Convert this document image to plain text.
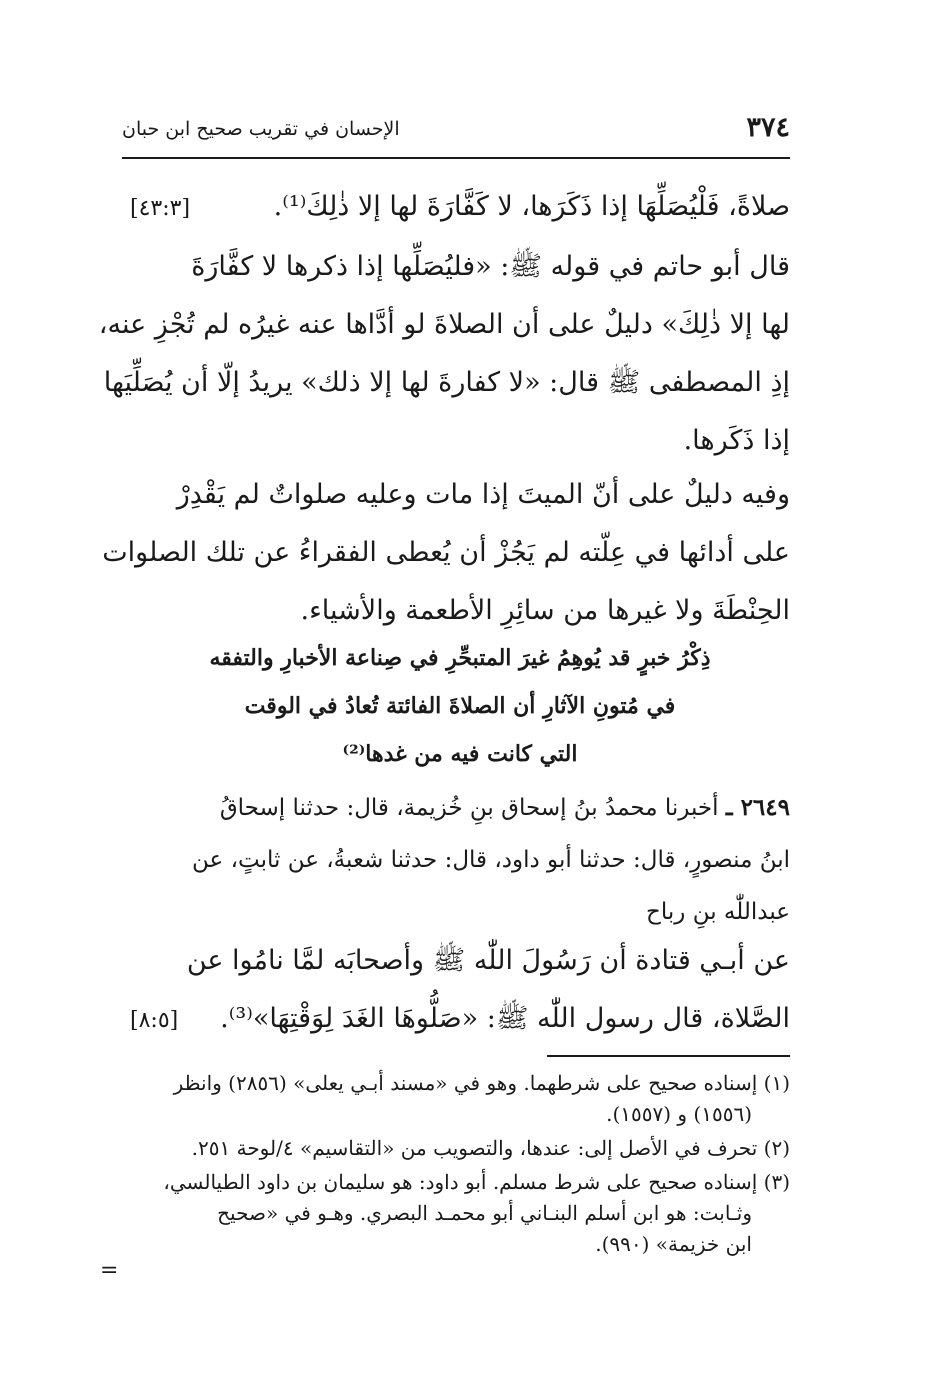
٣٧٤
الإحسان في تقريب صحيح ابن حبان
صلاةً، فَلْيُصَلِّهَا إذا ذَكَرَها، لا كَفَّارَةَ لها إلا ذٰلِكَ⁽¹⁾.
[٤٣:٣]
قال أبو حاتم في قوله ﷺ: «فليُصَلِّها إذا ذكرها لا كفَّارَةَ
لها إلا ذٰلِكَ» دليلٌ على أن الصلاةَ لو أدَّاها عنه غيرُه لم تُجْزِ عنه،
إذِ المصطفى ﷺ قال: «لا كفارةَ لها إلا ذلك» يريدُ إلّا أن يُصَلِّيَها
إذا ذَكَرها.
وفيه دليلٌ على أنّ الميتَ إذا مات وعليه صلواتٌ لم يَقْدِرْ
على أدائها في عِلّته لم يَجُزْ أن يُعطى الفقراءُ عن تلك الصلوات
الحِنْطَةَ ولا غيرها من سائِرِ الأطعمة والأشياء.
ذِكْرُ خبرٍ قد يُوهِمُ غيرَ المتبحِّرِ في صِناعة الأخبارِ والتفقه
في مُتونِ الآثارِ أن الصلاةَ الفائتة تُعادُ في الوقت
التي كانت فيه من غدها⁽²⁾
٢٦٤٩ ـ

أخبرنا محمدُ بنُ إسحاق بنِ خُزيمة، قال: حدثنا إسحاقُ
ابنُ منصورٍ، قال: حدثنا أبو داود، قال: حدثنا شعبةُ، عن ثابتٍ، عن
عبداللّٰه بنِ رباح
عن أبـي قتادة أن رَسُولَ اللّٰه ﷺ وأصحابَه لمَّا نامُوا عن
الصَّلاة، قال رسول اللّٰه ﷺ: «صَلُّوهَا الغَدَ لِوَقْتِهَا»⁽³⁾.
[٨:٥]
(١) إسناده صحيح على شرطهما. وهو في «مسند أبـي يعلى» (٢٨٥٦) وانظر
(١٥٥٦) و (١٥٥٧).
(٢) تحرف في الأصل إلى: عندها، والتصويب من «التقاسيم» ٤/لوحة ٢٥١.
(٣) إسناده صحيح على شرط مسلم. أبو داود: هو سليمان بن داود الطيالسي،
وثـابت: هو ابن أسلم البنـاني أبو محمـد البصري. وهـو في «صحيح
ابن خزيمة» (٩٩٠).
=
